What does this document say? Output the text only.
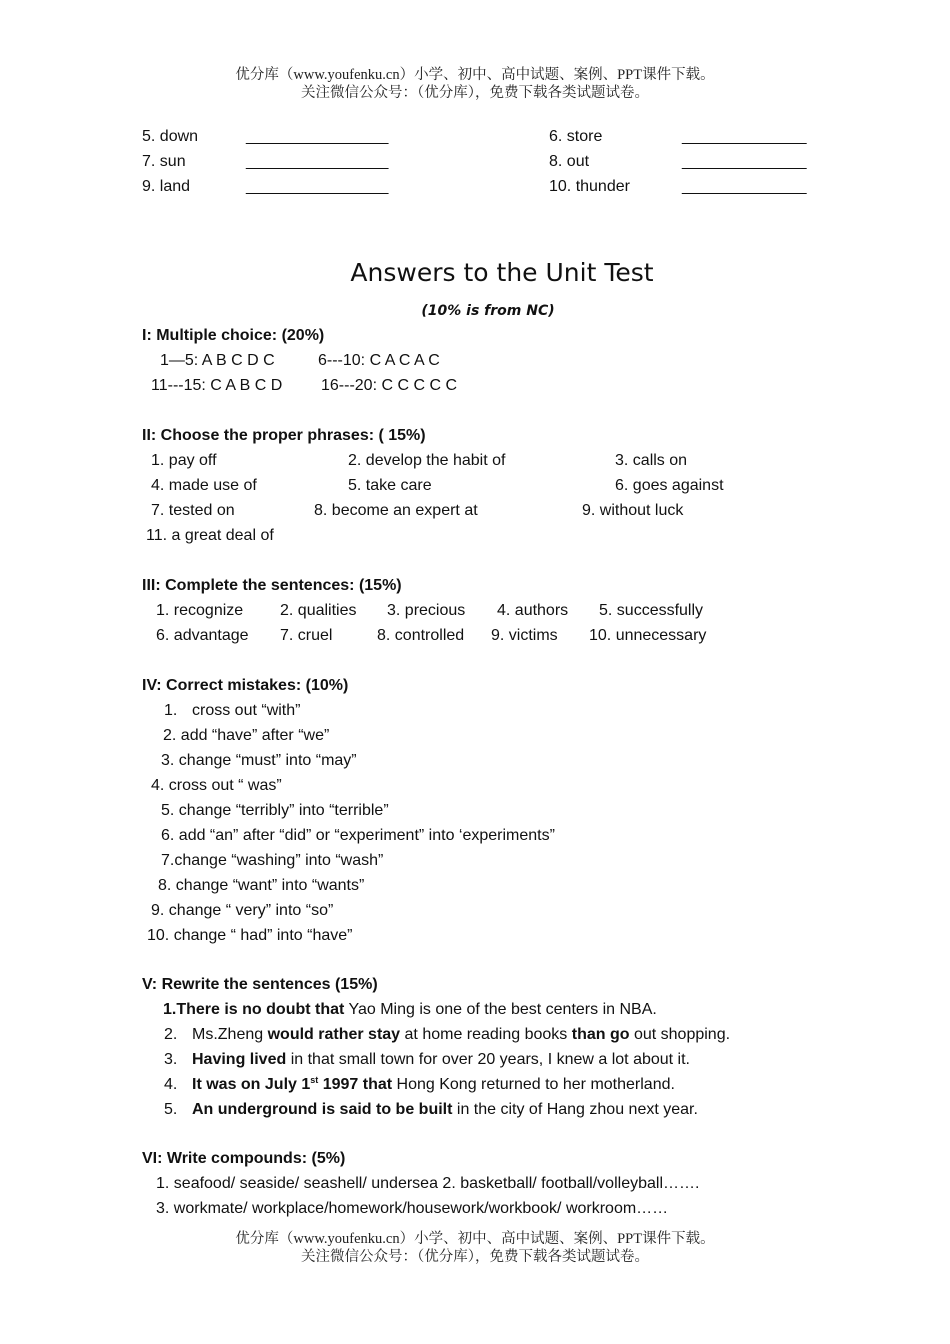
优分库（www.youfenku.cn）小学、初中、高中试题、案例、PPT课件下载。
关注微信公众号：（优分库），免费下载各类试题试卷。
5. down	________________	6. store	______________
7. sun	________________	8. out	______________
9. land	________________	10. thunder	______________
Answers to the Unit Test
(10% is from NC)
I: Multiple choice: (20%)
1—5: A B C D C	6---10: C A C A C
11---15: C A B C D 16---20: C C C C C
II: Choose the proper phrases: ( 15%)
1. pay off	2. develop the habit of	3. calls on
4. made use of	5. take care	6. goes against
7. tested on	8. become an expert at	9. without luck
11. a great deal of
III: Complete the sentences: (15%)
1. recognize 2. qualities 3. precious 4. authors 5. successfully
6. advantage 7. cruel	8. controlled 9. victims 10. unnecessary
IV: Correct mistakes: (10%)
1. cross out “with”
2. add “have” after “we”
3. change “must” into “may”
4. cross out “ was”
5. change “terribly” into “terrible”
6. add “an” after “did” or “experiment” into ‘experiments”
7.change “washing” into “wash”
8. change “want” into “wants”
9. change “ very” into “so”
10. change “ had” into “have”
V: Rewrite the sentences (15%)
1.There is no doubt that Yao Ming is one of the best centers in NBA.
2. Ms.Zheng would rather stay at home reading books than go out shopping.
3. Having lived in that small town for over 20 years, I knew a lot about it.
4. It was on July 1st 1997 that Hong Kong returned to her motherland.
5. An underground is said to be built in the city of Hang zhou next year.
VI: Write compounds: (5%)
1. seafood/ seaside/ seashell/ undersea 2. basketball/ football/volleyball…….
3. workmate/ workplace/homework/housework/workbook/ workroom……
优分库（www.youfenku.cn）小学、初中、高中试题、案例、PPT课件下载。
关注微信公众号：（优分库），免费下载各类试题试卷。
